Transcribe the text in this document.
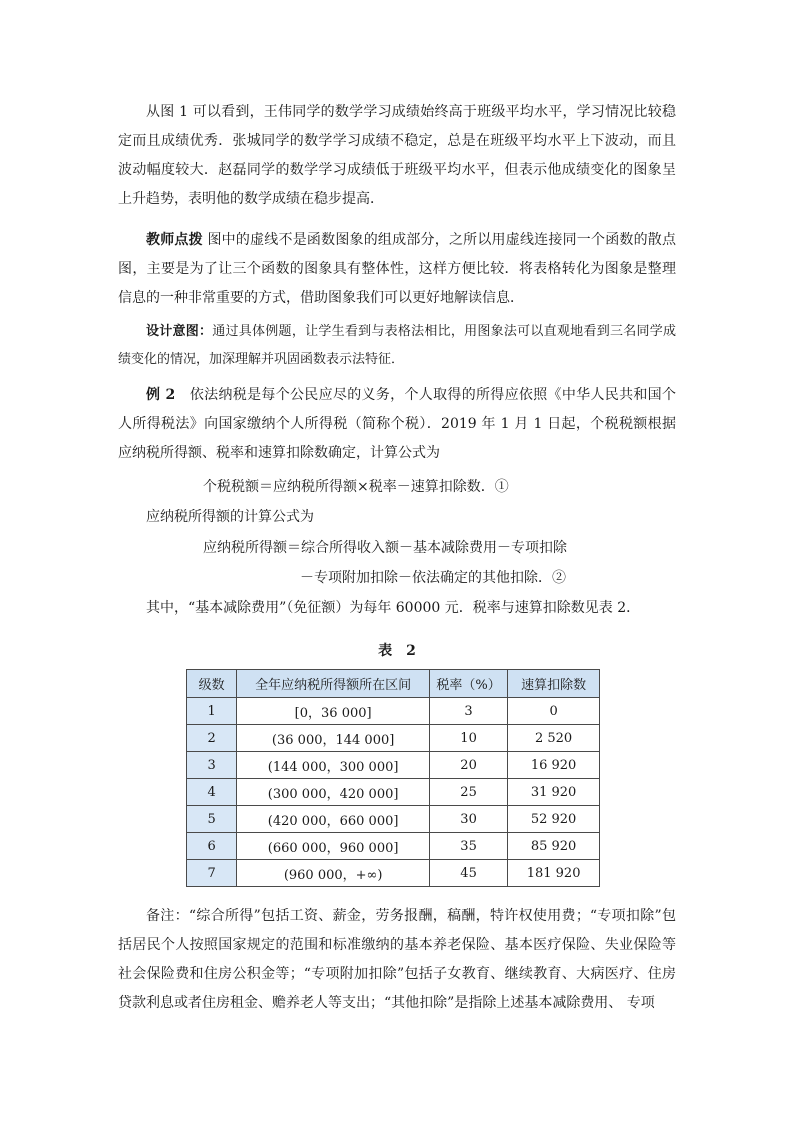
从图 1 可以看到，王伟同学的数学学习成绩始终高于班级平均水平，学习情况比较稳定而且成绩优秀．张城同学的数学学习成绩不稳定，总是在班级平均水平上下波动，而且波动幅度较大．赵磊同学的数学学习成绩低于班级平均水平，但表示他成绩变化的图象呈上升趋势，表明他的数学成绩在稳步提高．

教师点拨 图中的虚线不是函数图象的组成部分，之所以用虚线连接同一个函数的散点图，主要是为了让三个函数的图象具有整体性，这样方便比较．将表格转化为图象是整理信息的一种非常重要的方式，借助图象我们可以更好地解读信息．

设计意图：通过具体例题，让学生看到与表格法相比，用图象法可以直观地看到三名同学成绩变化的情况，加深理解并巩固函数表示法特征．

例 2　依法纳税是每个公民应尽的义务，个人取得的所得应依照《中华人民共和国个人所得税法》向国家缴纳个人所得税（简称个税）．2019 年 1 月 1 日起，个税税额根据应纳税所得额、税率和速算扣除数确定，计算公式为

个税税额＝应纳税所得额×税率－速算扣除数．①

应纳税所得额的计算公式为

应纳税所得额＝综合所得收入额－基本减除费用－专项扣除

－专项附加扣除－依法确定的其他扣除．②

其中，“基本减除费用”（免征额）为每年 60000 元．税率与速算扣除数见表 2．

表　2

级数	全年应纳税所得额所在区间	税率（%）	速算扣除数
1	[0，36 000]	3	0
2	(36 000，144 000]	10	2 520
3	(144 000，300 000]	20	16 920
4	(300 000，420 000]	25	31 920
5	(420 000，660 000]	30	52 920
6	(660 000，960 000]	35	85 920
7	(960 000，+∞)	45	181 920

备注：“综合所得”包括工资、薪金，劳务报酬，稿酬，特许权使用费；“专项扣除”包括居民个人按照国家规定的范围和标准缴纳的基本养老保险、基本医疗保险、失业保险等社会保险费和住房公积金等；“专项附加扣除”包括子女教育、继续教育、大病医疗、住房贷款利息或者住房租金、赡养老人等支出；“其他扣除”是指除上述基本减除费用、 专项
